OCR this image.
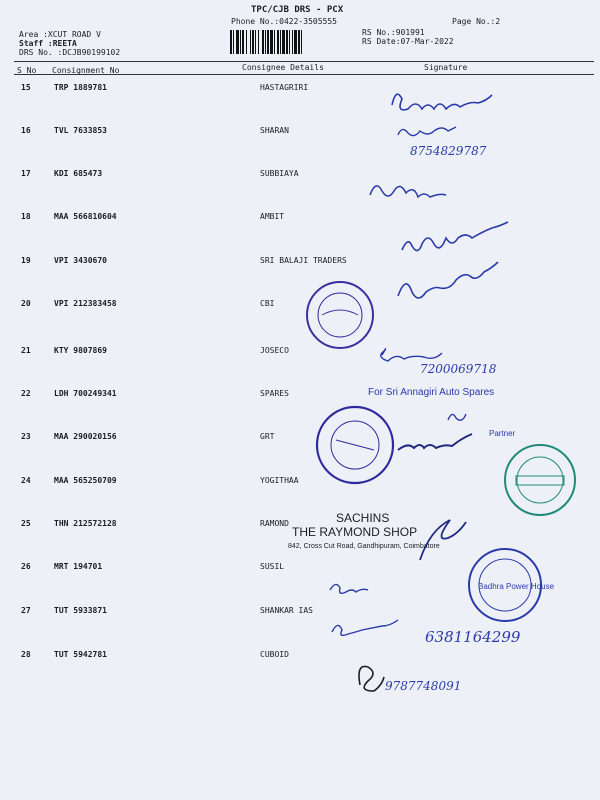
TPC/CJB DRS - PCX
Phone No.:0422-3505555	Page No.:2
Area :XCUT ROAD V
Staff :REETA
DRS No. :DCJB90199102
RS No.:901991
RS Date:07-Mar-2022
S No Consignment No	Consignee Details	Signature
15	TRP 1889781	HASTAGRIRI
16	TVL 7633853	SHARAN
17	KDI 685473	SUBBIAYA
18	MAA 566810604	AMBIT
19	VPI 3430670	SRI BALAJI TRADERS
20	VPI 212383458	CBI
21	KTY 9807869	JOSECO
22	LDH 700249341	SPARES
23	MAA 290020156	GRT
24	MAA 565250709	YOGITHAA
25	THN 212572128	RAMOND
26	MRT 194701	SUSIL
27	TUT 5933871	SHANKAR IAS
28	TUT 5942781	CUBOID
8754829787
7200069718
For Sri Annagiri Auto Spares
Partner
SACHINS
THE RAYMOND SHOP
842, Cross Cut Road, Gandhipuram, Coimbatore
Badhra Power House
6381164299
9787748091
